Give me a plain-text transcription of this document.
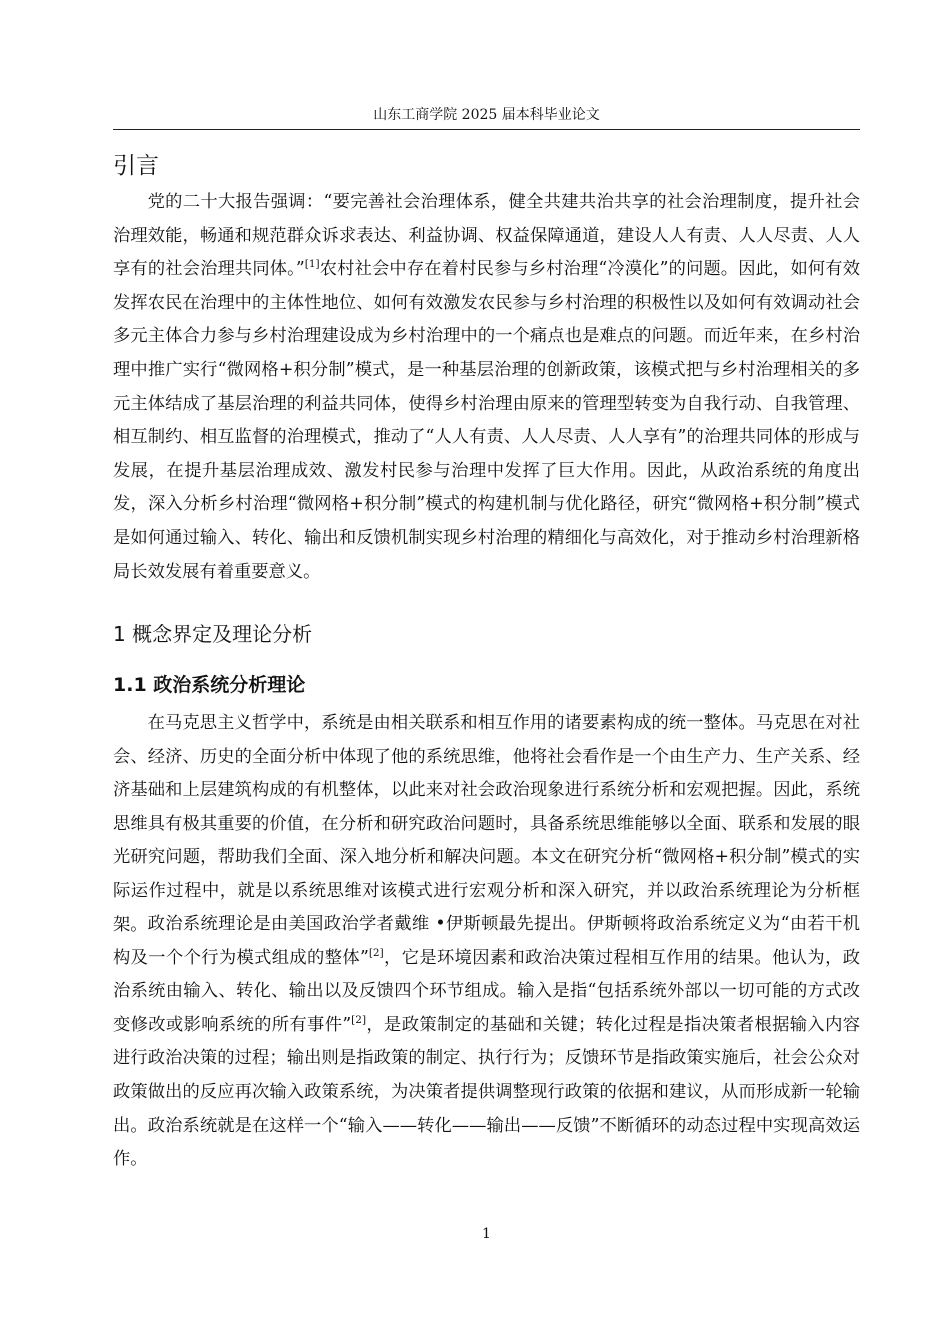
山东工商学院 2025 届本科毕业论文
引言

党的二十大报告强调：“要完善社会治理体系，健全共建共治共享的社会治理制度，提升社会治理效能，畅通和规范群众诉求表达、利益协调、权益保障通道，建设人人有责、人人尽责、人人享有的社会治理共同体。”[1]农村社会中存在着村民参与乡村治理“冷漠化”的问题。因此，如何有效发挥农民在治理中的主体性地位、如何有效激发农民参与乡村治理的积极性以及如何有效调动社会多元主体合力参与乡村治理建设成为乡村治理中的一个痛点也是难点的问题。而近年来，在乡村治理中推广实行“微网格+积分制”模式，是一种基层治理的创新政策，该模式把与乡村治理相关的多元主体结成了基层治理的利益共同体，使得乡村治理由原来的管理型转变为自我行动、自我管理、相互制约、相互监督的治理模式，推动了“人人有责、人人尽责、人人享有”的治理共同体的形成与发展，在提升基层治理成效、激发村民参与治理中发挥了巨大作用。因此，从政治系统的角度出发，深入分析乡村治理“微网格+积分制”模式的构建机制与优化路径，研究“微网格+积分制”模式是如何通过输入、转化、输出和反馈机制实现乡村治理的精细化与高效化，对于推动乡村治理新格局长效发展有着重要意义。

1 概念界定及理论分析
1.1 政治系统分析理论

在马克思主义哲学中，系统是由相关联系和相互作用的诸要素构成的统一整体。马克思在对社会、经济、历史的全面分析中体现了他的系统思维，他将社会看作是一个由生产力、生产关系、经济基础和上层建筑构成的有机整体，以此来对社会政治现象进行系统分析和宏观把握。因此，系统思维具有极其重要的价值，在分析和研究政治问题时，具备系统思维能够以全面、联系和发展的眼光研究问题，帮助我们全面、深入地分析和解决问题。本文在研究分析“微网格+积分制”模式的实际运作过程中，就是以系统思维对该模式进行宏观分析和深入研究，并以政治系统理论为分析框架。 政治系统理论是由美国政治学者戴维 •伊斯顿最先提出。伊斯顿将政治系统定义为“由若干机构及一个个行为模式组成的整体”[2]，它是环境因素和政治决策过程相互作用的结果。他认为，政治系统由输入、转化、输出以及反馈四个环节组成。输入是指“包括系统外部以一切可能的方式改变修改或影响系统的所有事件”[2]，是政策制定的基础和关键；转化过程是指决策者根据输入内容进行政治决策的过程；输出则是指政策的制定、执行行为；反馈环节是指政策实施后，社会公众对政策做出的反应再次输入政策系统，为决策者提供调整现行政策的依据和建议，从而形成新一轮输出。政治系统就是在这样一个“输入——转化——输出——反馈”不断循环的动态过程中实现高效运作。

1
